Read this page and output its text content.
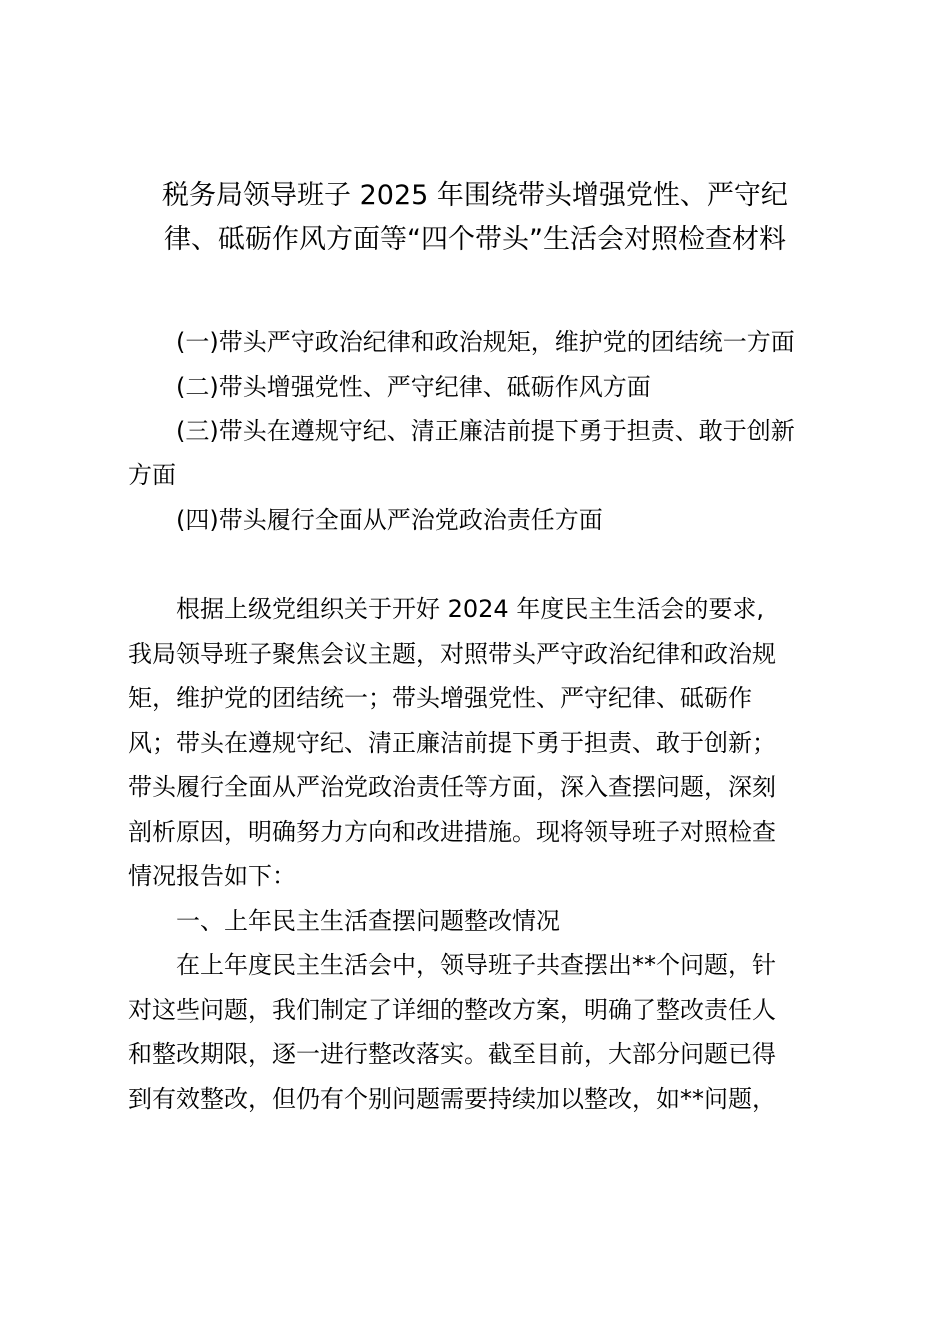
税务局领导班子 2025 年围绕带头增强党性、严守纪
律、砥砺作风方面等“四个带头”生活会对照检查材料
(一)带头严守政治纪律和政治规矩，维护党的团结统一方面
(二)带头增强党性、严守纪律、砥砺作风方面
(三)带头在遵规守纪、清正廉洁前提下勇于担责、敢于创新
方面
(四)带头履行全面从严治党政治责任方面
根据上级党组织关于开好 2024 年度民主生活会的要求,
我局领导班子聚焦会议主题，对照带头严守政治纪律和政治规
矩，维护党的团结统一；带头增强党性、严守纪律、砥砺作
风；带头在遵规守纪、清正廉洁前提下勇于担责、敢于创新；
带头履行全面从严治党政治责任等方面，深入查摆问题，深刻
剖析原因，明确努力方向和改进措施。现将领导班子对照检查
情况报告如下：
一、上年民主生活查摆问题整改情况
在上年度民主生活会中，领导班子共查摆出**个问题，针
对这些问题，我们制定了详细的整改方案，明确了整改责任人
和整改期限，逐一进行整改落实。截至目前，大部分问题已得
到有效整改，但仍有个别问题需要持续加以整改，如**问题，
